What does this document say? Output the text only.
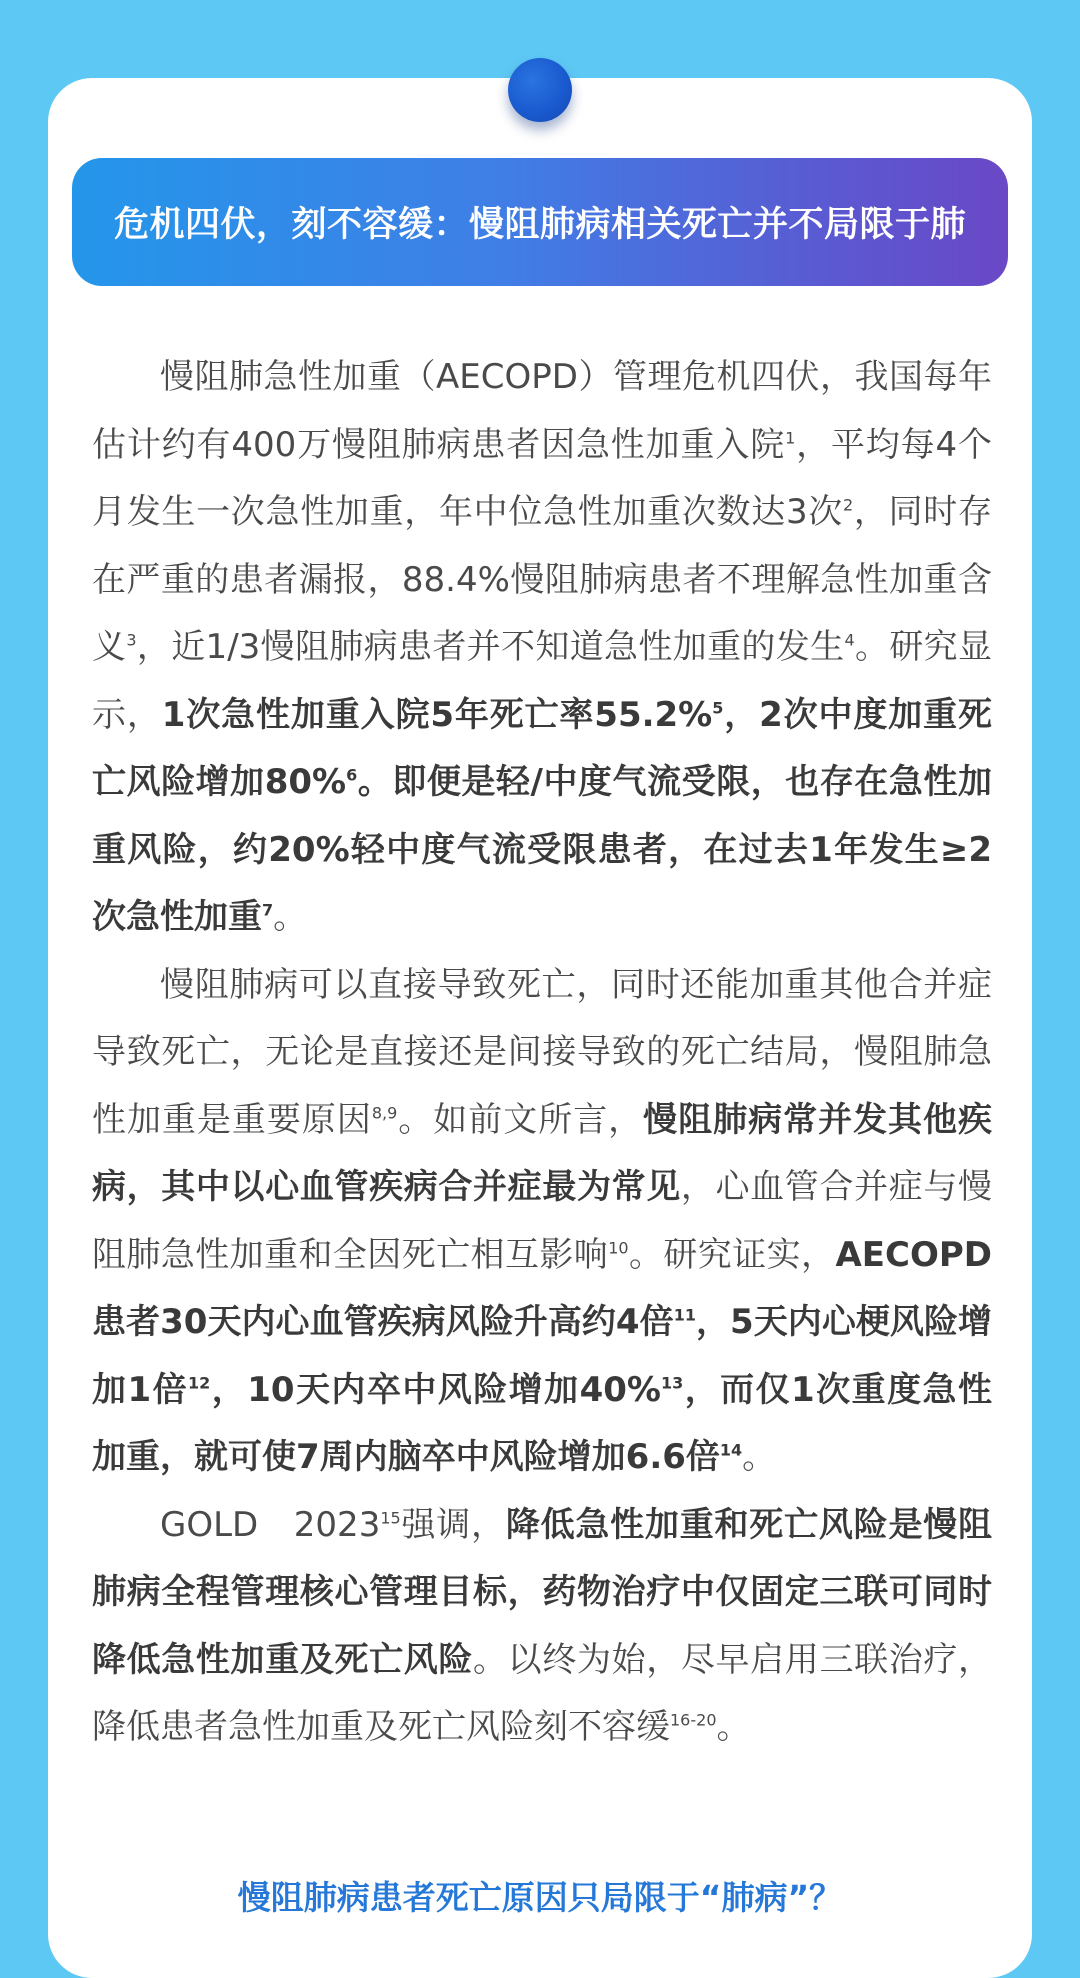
危机四伏，刻不容缓：慢阻肺病相关死亡并不局限于肺

慢阻肺急性加重（AECOPD）管理危机四伏，我国每年估计约有400万慢阻肺病患者因急性加重入院$^1$，平均每4个月发生一次急性加重，年中位急性加重次数达3次$^2$，同时存在严重的患者漏报，88.4%慢阻肺病患者不理解急性加重含义$^3$，近1/3慢阻肺病患者并不知道急性加重的发生$^4$。研究显示，1次急性加重入院5年死亡率55.2%$^5$，2次中度加重死亡风险增加80%$^6$。即便是轻/中度气流受限，也存在急性加重风险，约20%轻中度气流受限患者，在过去1年发生≥2次急性加重$^7$。

慢阻肺病可以直接导致死亡，同时还能加重其他合并症导致死亡，无论是直接还是间接导致的死亡结局，慢阻肺急性加重是重要原因$^{8,9}$。如前文所言，慢阻肺病常并发其他疾病，其中以心血管疾病合并症最为常见，心血管合并症与慢阻肺急性加重和全因死亡相互影响$^{10}$。研究证实，AECOPD患者30天内心血管疾病风险升高约4倍$^{11}$，5天内心梗风险增加1倍$^{12}$，10天内卒中风险增加40%$^{13}$，而仅1次重度急性加重，就可使7周内脑卒中风险增加6.6倍$^{14}$。

GOLD　2023$^{15}$强调，降低急性加重和死亡风险是慢阻肺病全程管理核心管理目标，药物治疗中仅固定三联可同时降低急性加重及死亡风险。以终为始，尽早启用三联治疗，降低患者急性加重及死亡风险刻不容缓$^{16-20}$。

慢阻肺病患者死亡原因只局限于“肺病”？
